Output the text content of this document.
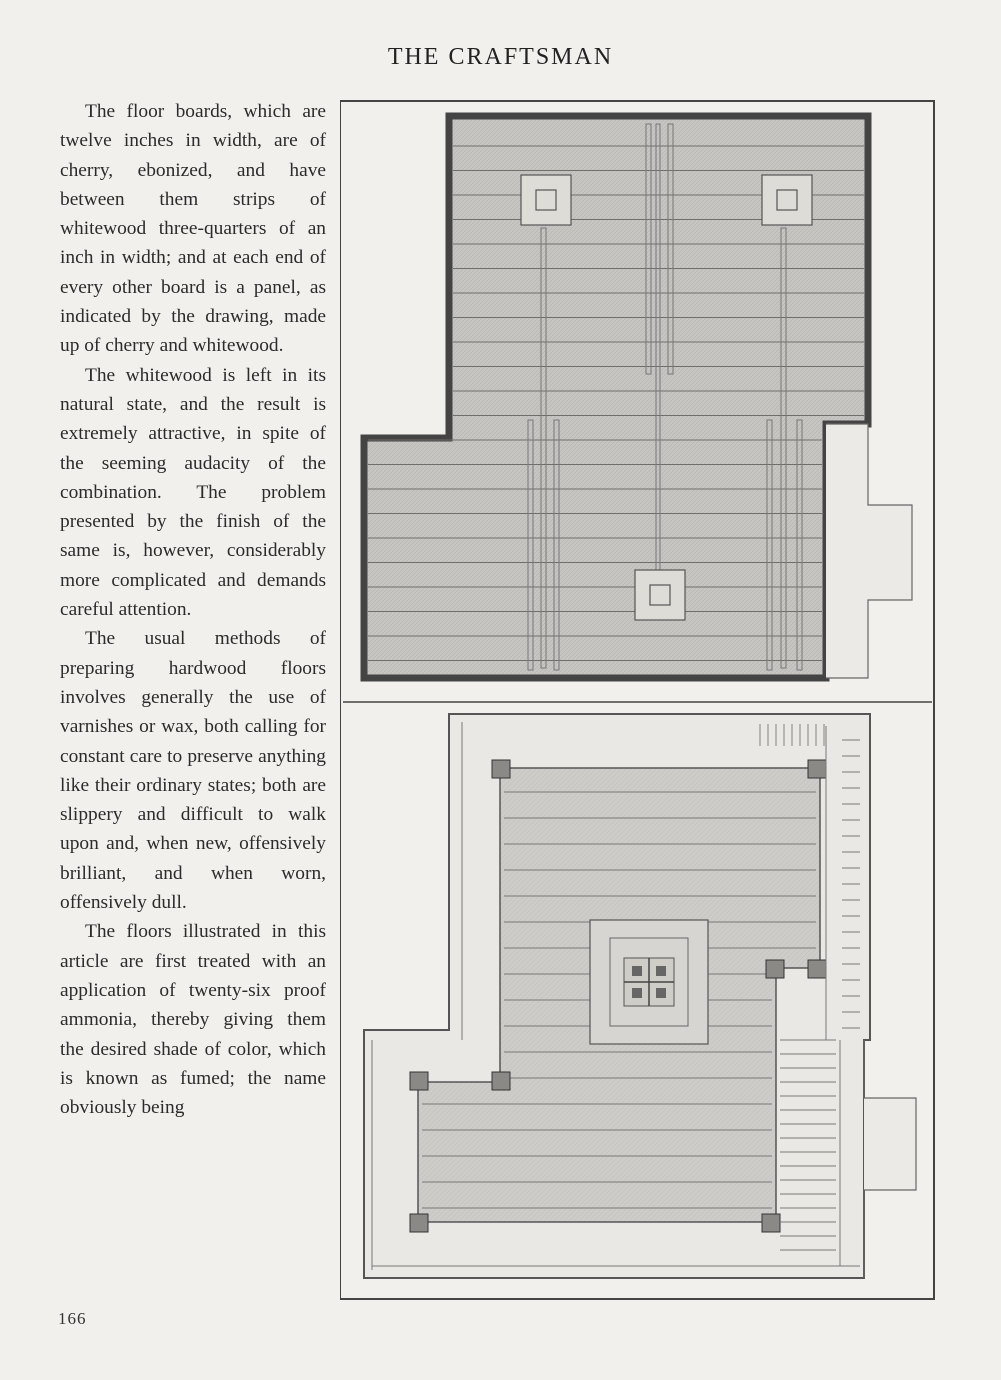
THE CRAFTSMAN

The floor boards, which are twelve inches in width, are of cherry, ebonized, and have between them strips of whitewood three-quarters of an inch in width; and at each end of every other board is a panel, as indicated by the drawing, made up of cherry and whitewood.

The whitewood is left in its natural state, and the result is extremely attractive, in spite of the seeming audacity of the combination. The problem presented by the finish of the same is, however, considerably more complicated and demands careful attention.

The usual methods of preparing hardwood floors involves generally the use of varnishes or wax, both calling for constant care to preserve anything like their ordinary states; both are slippery and difficult to walk upon and, when new, offensively brilliant, and when worn, offensively dull.

The floors illustrated in this article are first treated with an application of twenty-six proof ammonia, thereby giving them the desired shade of color, which is known as fumed; the name obviously being

166
